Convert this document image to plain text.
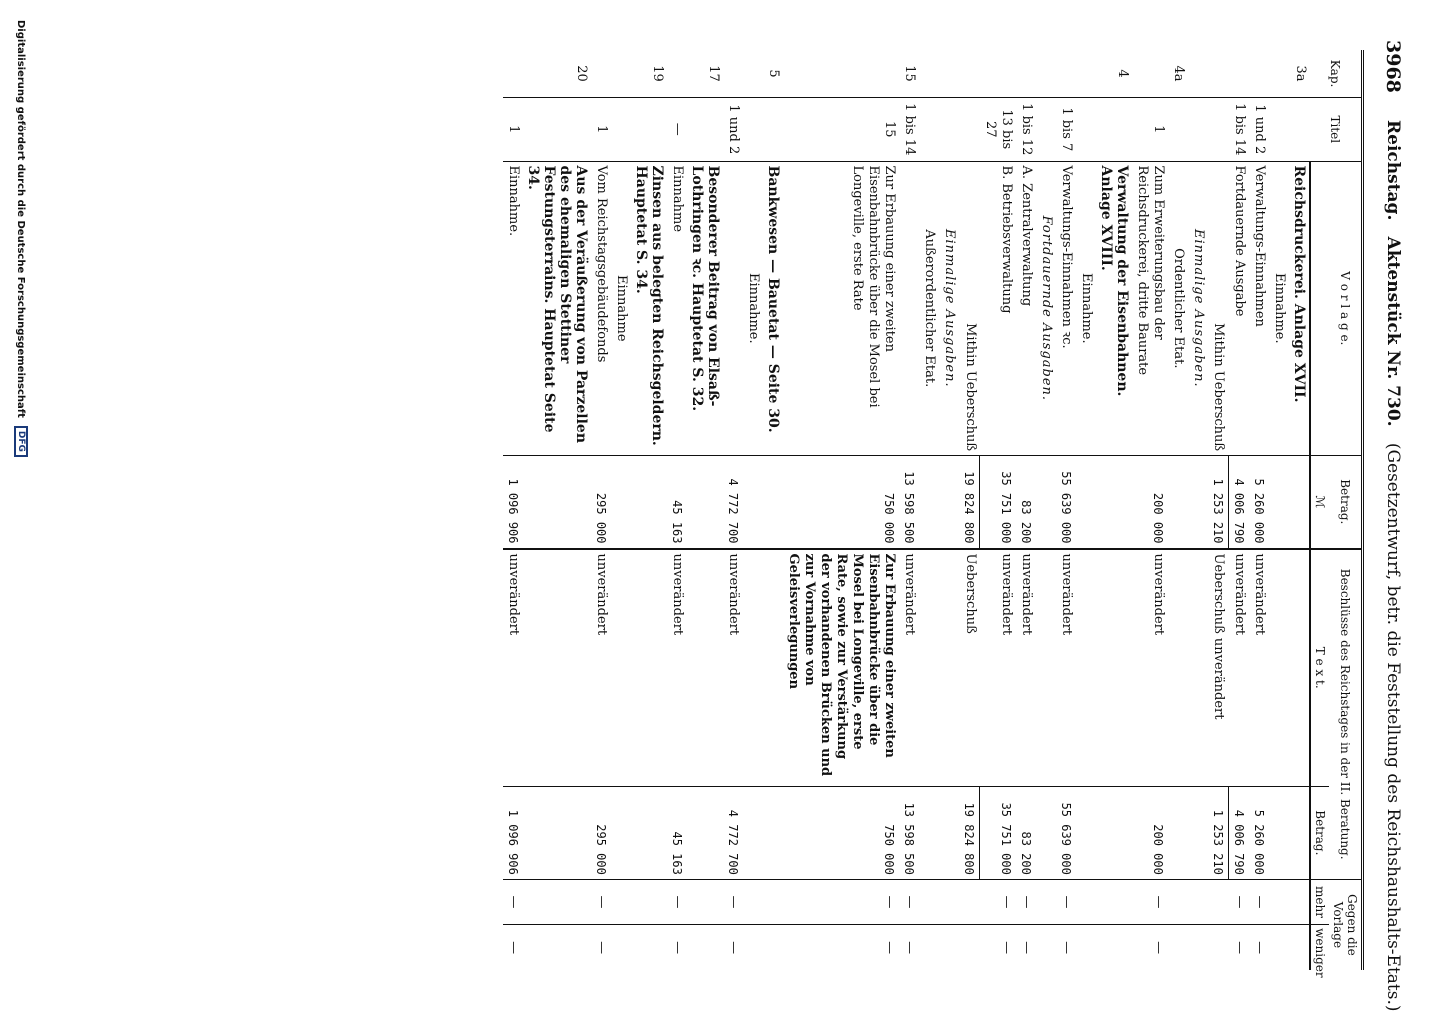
3968
Reichstag.   Aktenstück Nr. 730.   (Gesetzentwurf, betr. die Feststellung des Reichshaushalts-Etats.)
Kap.	Titel	V o r l a g e.	Betrag.	Beschlüsse des Reichstages in der II. Beratung.		Gegen die Vorlage	
			ℳ	T e x t.	Betrag.	mehr	weniger
3a		Reichsdruckerei. Anlage XVII.					
		Einnahme.					
	1 und 2	Verwaltungs-Einnahmen	5 260 000	unverändert	5 260 000	—	—
	1 bis 14	Fortdauernde Ausgabe	4 006 790	unverändert	4 006 790	—	—
		Mithin Ueberschuß	1 253 210	Ueberschuß unverändert	1 253 210		
		Einmalige Ausgaben.					
4a		Ordentlicher Etat.					
	1	Zum Erweiterungsbau der Reichsdruckerei, dritte Baurate	200 000	unverändert	200 000	—	—
4		Verwaltung der Eisenbahnen. Anlage XVIII.					
		Einnahme.					
	1 bis 7	Verwaltungs-Einnahmen ꝛc.	55 639 000	unverändert	55 639 000	—	—
		Fortdauernde Ausgaben.					
	1 bis 12	A. Zentralverwaltung	83 200	unverändert	83 200	—	—
	13 bis 27	B. Betriebsverwaltung	35 751 000	unverändert	35 751 000	—	—
		Mithin Ueberschuß	19 824 800	Ueberschuß	19 824 800		
		Einmalige Ausgaben.					
		Außerordentlicher Etat.					
15	1 bis 14		13 598 500	unverändert	13 598 500	—	—
	15	Zur Erbauung einer zweiten Eisenbahnbrücke über die Mosel bei Longeville, erste Rate	750 000	Zur Erbauung einer zweiten Eisenbahnbrücke über die Mosel bei Longeville, erste Rate, sowie zur Verstärkung der vorhandenen Brücken und zur Vornahme von Geleisverlegungen	750 000	—	—
5		Bankwesen — Bauetat — Seite 30.					
		Einnahme.					
	1 und 2		4 772 700	unverändert	4 772 700	—	—
17		Besonderer Beitrag von Elsaß-Lothringen ꝛc. Hauptetat S. 32.					
	—	Einnahme	45 163	unverändert	45 163	—	—
19		Zinsen aus belegten Reichsgeldern. Hauptetat S. 34.					
		Einnahme					
	1	Vom Reichstagsgebäudefonds	295 000	unverändert	295 000	—	—
20		Aus der Veräußerung von Parzellen des ehemaligen Stettiner Festungsterrains. Hauptetat Seite 34.					
	1	Einnahme.	1 096 906	unverändert	1 096 906	—	—
Digitalisierung gefördert durch die Deutsche Forschungsgemeinschaft
DFG
